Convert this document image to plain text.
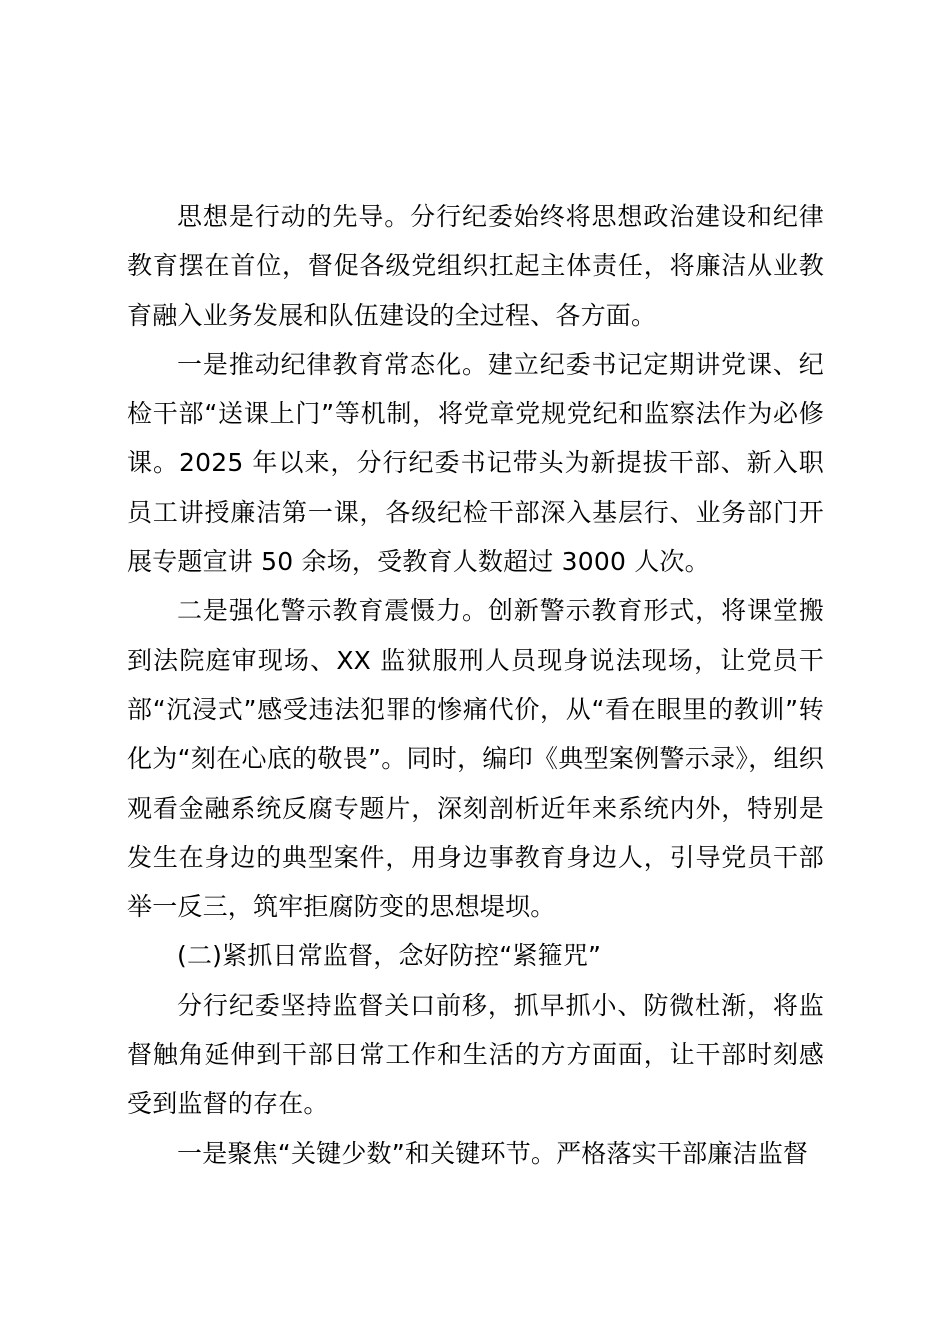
思想是行动的先导。分行纪委始终将思想政治建设和纪律教育摆在首位，督促各级党组织扛起主体责任，将廉洁从业教育融入业务发展和队伍建设的全过程、各方面。

一是推动纪律教育常态化。建立纪委书记定期讲党课、纪检干部“送课上门”等机制，将党章党规党纪和监察法作为必修课。2025 年以来，分行纪委书记带头为新提拔干部、新入职员工讲授廉洁第一课，各级纪检干部深入基层行、业务部门开展专题宣讲 50 余场，受教育人数超过 3000 人次。

二是强化警示教育震慑力。创新警示教育形式，将课堂搬到法院庭审现场、XX 监狱服刑人员现身说法现场，让党员干部“沉浸式”感受违法犯罪的惨痛代价，从“看在眼里的教训”转化为“刻在心底的敬畏”。同时，编印《典型案例警示录》，组织观看金融系统反腐专题片，深刻剖析近年来系统内外，特别是发生在身边的典型案件，用身边事教育身边人，引导党员干部举一反三，筑牢拒腐防变的思想堤坝。

(二)紧抓日常监督，念好防控“紧箍咒”

分行纪委坚持监督关口前移，抓早抓小、防微杜渐，将监督触角延伸到干部日常工作和生活的方方面面，让干部时刻感受到监督的存在。

一是聚焦“关键少数”和关键环节。严格落实干部廉洁监督
